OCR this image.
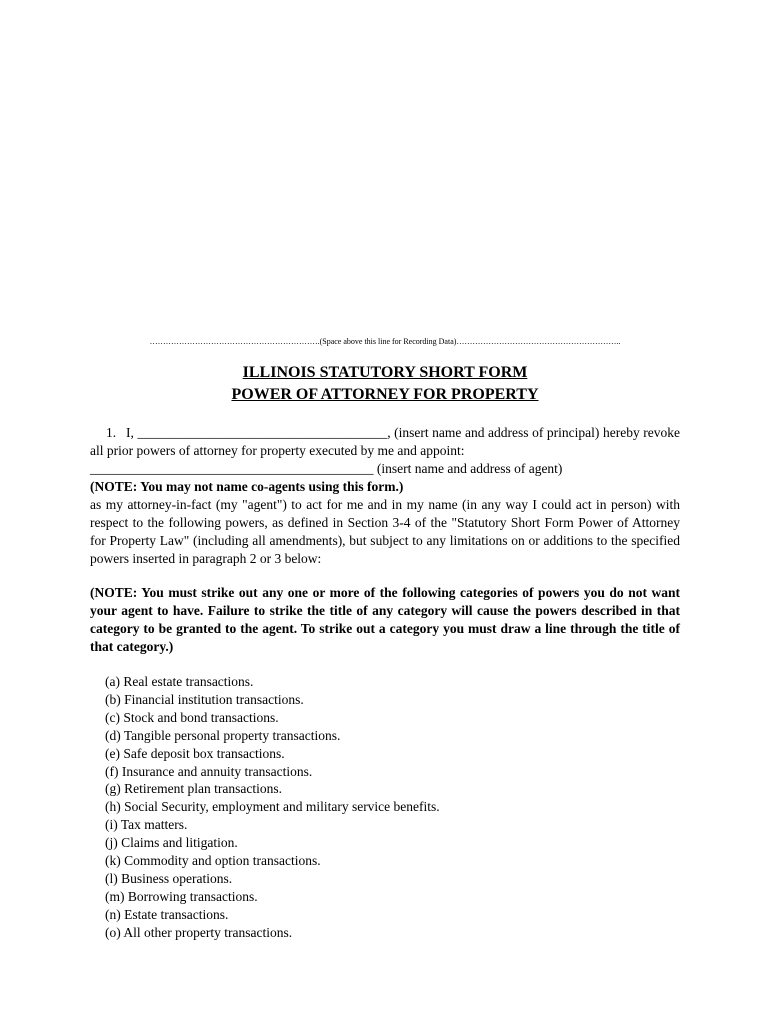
……………………………………………………….(Space above this line for Recording Data)……………………………………………………..
ILLINOIS STATUTORY SHORT FORM
POWER OF ATTORNEY FOR PROPERTY

1. I, _____________________________________, (insert name and address of principal) hereby revoke all prior powers of attorney for property executed by me and appoint:

__________________________________________ (insert name and address of agent)

(NOTE: You may not name co-agents using this form.)

as my attorney-in-fact (my "agent") to act for me and in my name (in any way I could act in person) with respect to the following powers, as defined in Section 3-4 of the "Statutory Short Form Power of Attorney for Property Law" (including all amendments), but subject to any limitations on or additions to the specified powers inserted in paragraph 2 or 3 below:

(NOTE: You must strike out any one or more of the following categories of powers you do not want your agent to have. Failure to strike the title of any category will cause the powers described in that category to be granted to the agent. To strike out a category you must draw a line through the title of that category.)

(a) Real estate transactions.
(b) Financial institution transactions.
(c) Stock and bond transactions.
(d) Tangible personal property transactions.
(e) Safe deposit box transactions.
(f) Insurance and annuity transactions.
(g) Retirement plan transactions.
(h) Social Security, employment and military service benefits.
(i) Tax matters.
(j) Claims and litigation.
(k) Commodity and option transactions.
(l) Business operations.
(m) Borrowing transactions.
(n) Estate transactions.
(o) All other property transactions.
